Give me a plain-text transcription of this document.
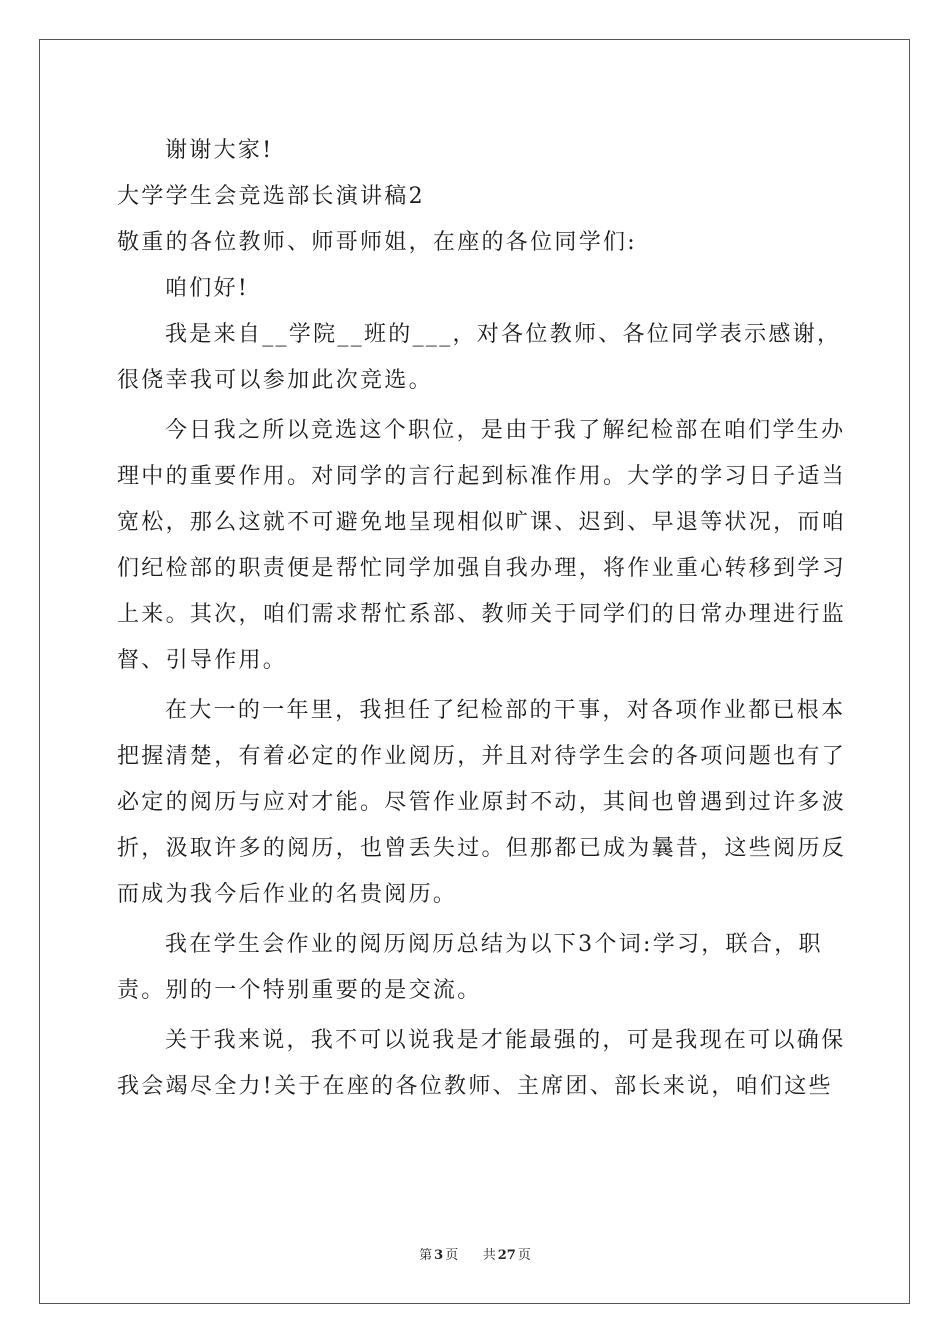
谢谢大家!
大学学生会竞选部长演讲稿2
敬重的各位教师、师哥师姐，在座的各位同学们:
咱们好!
我是来自__学院__班的___，对各位教师、各位同学表示感谢，
很侥幸我可以参加此次竞选。
今日我之所以竞选这个职位，是由于我了解纪检部在咱们学生办
理中的重要作用。对同学的言行起到标准作用。大学的学习日子适当
宽松，那么这就不可避免地呈现相似旷课、迟到、早退等状况，而咱
们纪检部的职责便是帮忙同学加强自我办理，将作业重心转移到学习
上来。其次，咱们需求帮忙系部、教师关于同学们的日常办理进行监
督、引导作用。
在大一的一年里，我担任了纪检部的干事，对各项作业都已根本
把握清楚，有着必定的作业阅历，并且对待学生会的各项问题也有了
必定的阅历与应对才能。尽管作业原封不动，其间也曾遇到过许多波
折，汲取许多的阅历，也曾丢失过。但那都已成为曩昔，这些阅历反
而成为我今后作业的名贵阅历。
我在学生会作业的阅历阅历总结为以下3个词:学习，联合，职
责。别的一个特别重要的是交流。
关于我来说，我不可以说我是才能最强的，可是我现在可以确保
我会竭尽全力!关于在座的各位教师、主席团、部长来说，咱们这些
第 3 页 共 27 页
